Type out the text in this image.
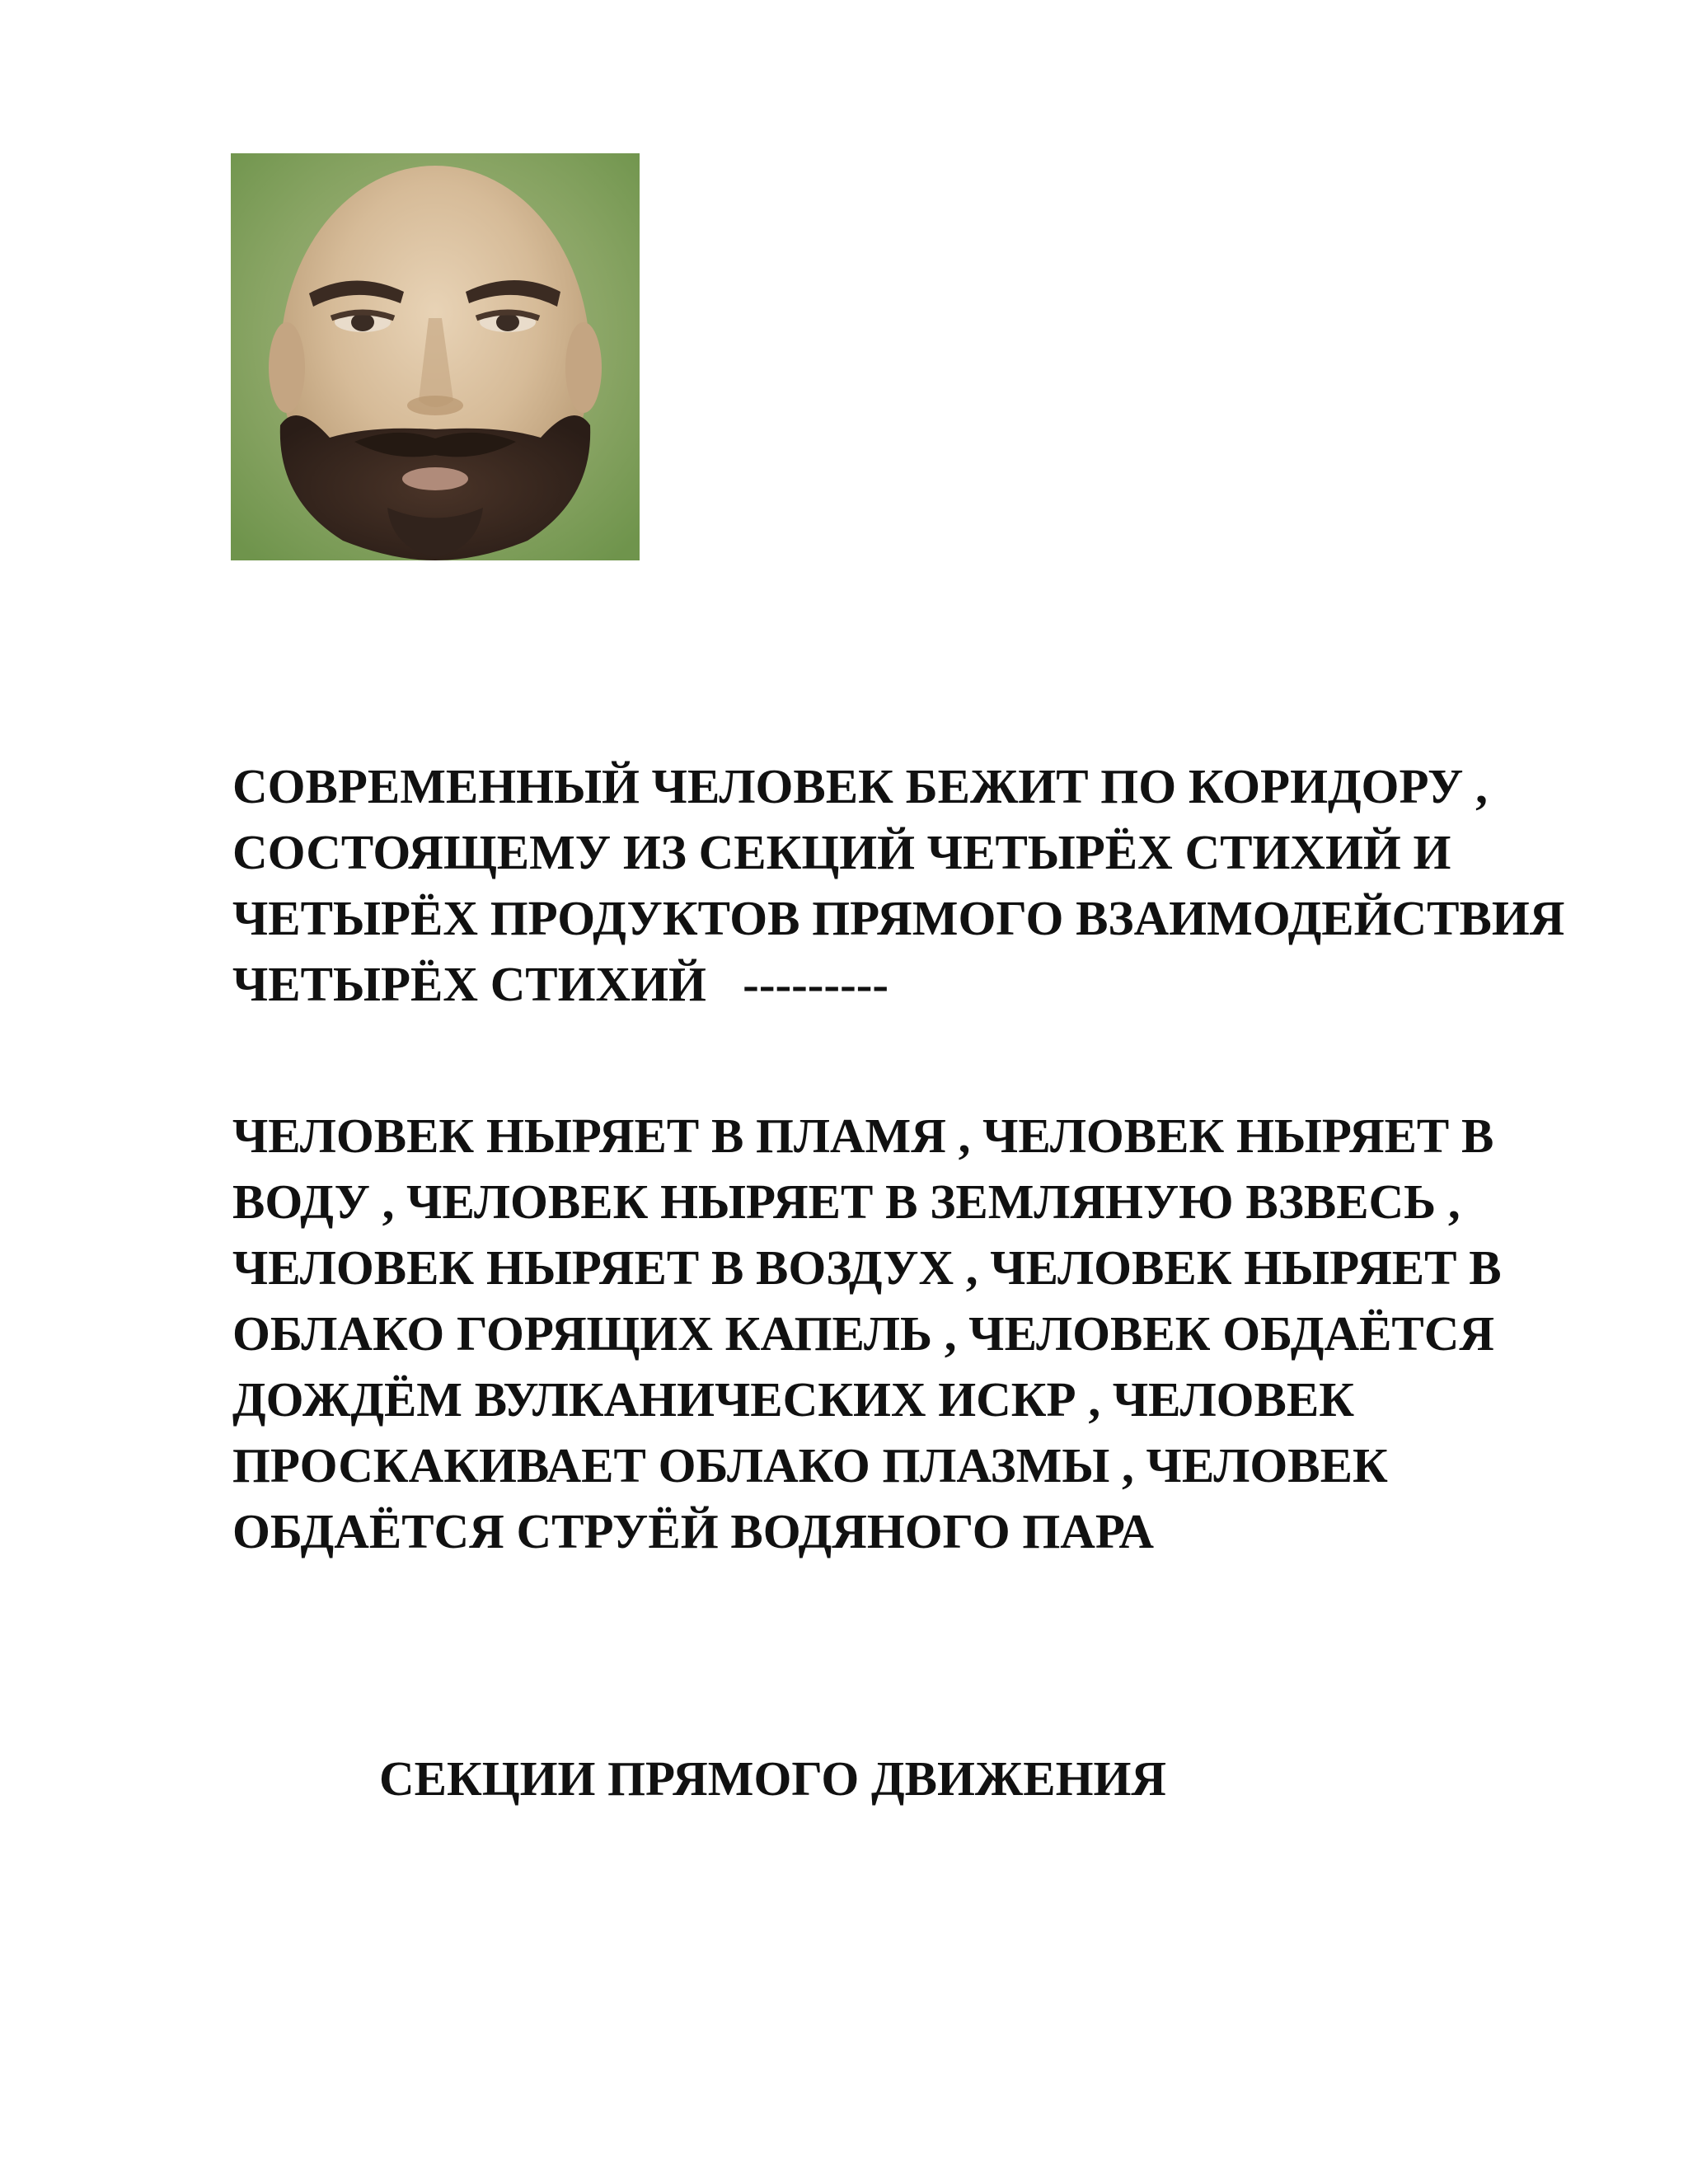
СОВРЕМЕННЫЙ ЧЕЛОВЕК БЕЖИТ ПО КОРИДОРУ , СОСТОЯЩЕМУ ИЗ СЕКЦИЙ ЧЕТЫРЁХ СТИХИЙ И ЧЕТЫРЁХ ПРОДУКТОВ ПРЯМОГО ВЗАИМОДЕЙСТВИЯ ЧЕТЫРЁХ СТИХИЙ   ---------

ЧЕЛОВЕК НЫРЯЕТ В ПЛАМЯ , ЧЕЛОВЕК НЫРЯЕТ В ВОДУ , ЧЕЛОВЕК НЫРЯЕТ В ЗЕМЛЯНУЮ ВЗВЕСЬ , ЧЕЛОВЕК НЫРЯЕТ В ВОЗДУХ , ЧЕЛОВЕК НЫРЯЕТ В ОБЛАКО ГОРЯЩИХ КАПЕЛЬ , ЧЕЛОВЕК ОБДАЁТСЯ ДОЖДЁМ ВУЛКАНИЧЕСКИХ ИСКР , ЧЕЛОВЕК ПРОСКАКИВАЕТ ОБЛАКО ПЛАЗМЫ , ЧЕЛОВЕК ОБДАЁТСЯ СТРУЁЙ ВОДЯНОГО ПАРА

СЕКЦИИ ПРЯМОГО ДВИЖЕНИЯ
